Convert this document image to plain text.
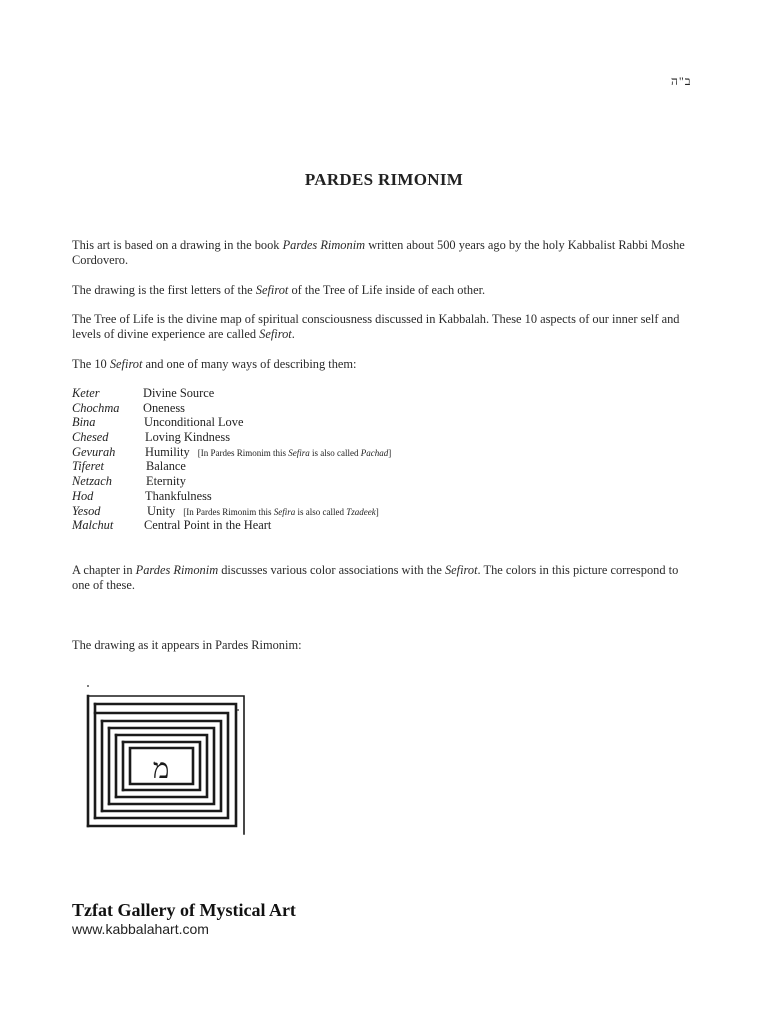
ב"ה
PARDES RIMONIM
This art is based on a drawing in the book Pardes Rimonim written about 500 years ago by the holy Kabbalist Rabbi Moshe Cordovero.
The drawing is the first letters of the Sefirot of the Tree of Life inside of each other.
The Tree of Life is the divine map of spiritual consciousness discussed in Kabbalah. These 10 aspects of our inner self and levels of divine experience are called Sefirot.
The 10 Sefirot and one of many ways of describing them:
Keter	Divine Source
Chochma Oneness
Bina	Unconditional Love
Chesed	Loving Kindness
Gevurah Humility [In Pardes Rimonim this Sefira is also called Pachad]
Tiferet	Balance
Netzach	Eternity
Hod	Thankfulness
Yesod	Unity [In Pardes Rimonim this Sefira is also called Tzadeek]
Malchut Central Point in the Heart
A chapter in Pardes Rimonim discusses various color associations with the Sefirot. The colors in this picture correspond to one of these.
The drawing as it appears in Pardes Rimonim:
מ
Tzfat Gallery of Mystical Art
www.kabbalahart.com
